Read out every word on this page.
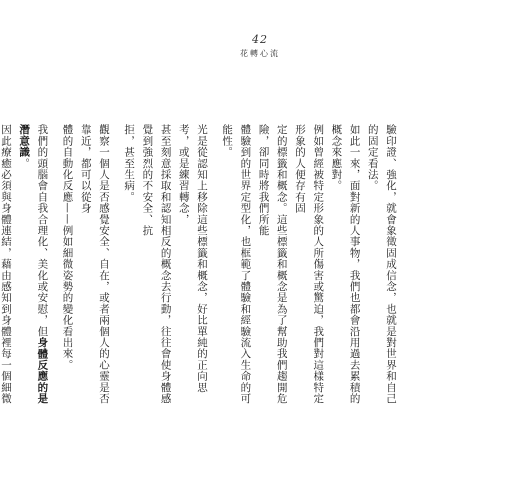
42
花轉心流

驗印證、強化，就會象徵固成信念，也就是對世界和自己的固定看法。

如此一來，面對新的人事物，我們也都會沿用過去累積的概念來應對。
例如曾經被特定形象的人所傷害或驚迫，我們對這樣特定形象的人便存有固
定的標籤和概念。這些標籤和概念是為了幫助我們趨開危險，卻同時將我們所能
體驗到的世界定型化，也框範了體驗和經驗流入生命的可能性。

光是從認知上移除這些標籤和概念，好比單純的正向思考，或是練習轉念，
甚至刻意採取和認知相反的概念去行動，往往會使身體感覺到強烈的不安全、抗
拒，甚至生病。

觀察一個人是否感覺安全、自在，或者兩個人的心靈是否靠近，都可以從身
體的自動化反應——例如細微姿勢的變化看出來。

我們的頭腦會自我合理化、美化或安慰，但身體反應的是潛意識。
因此療癒必須與身體連結，藉由感知到身體裡每一個細微
